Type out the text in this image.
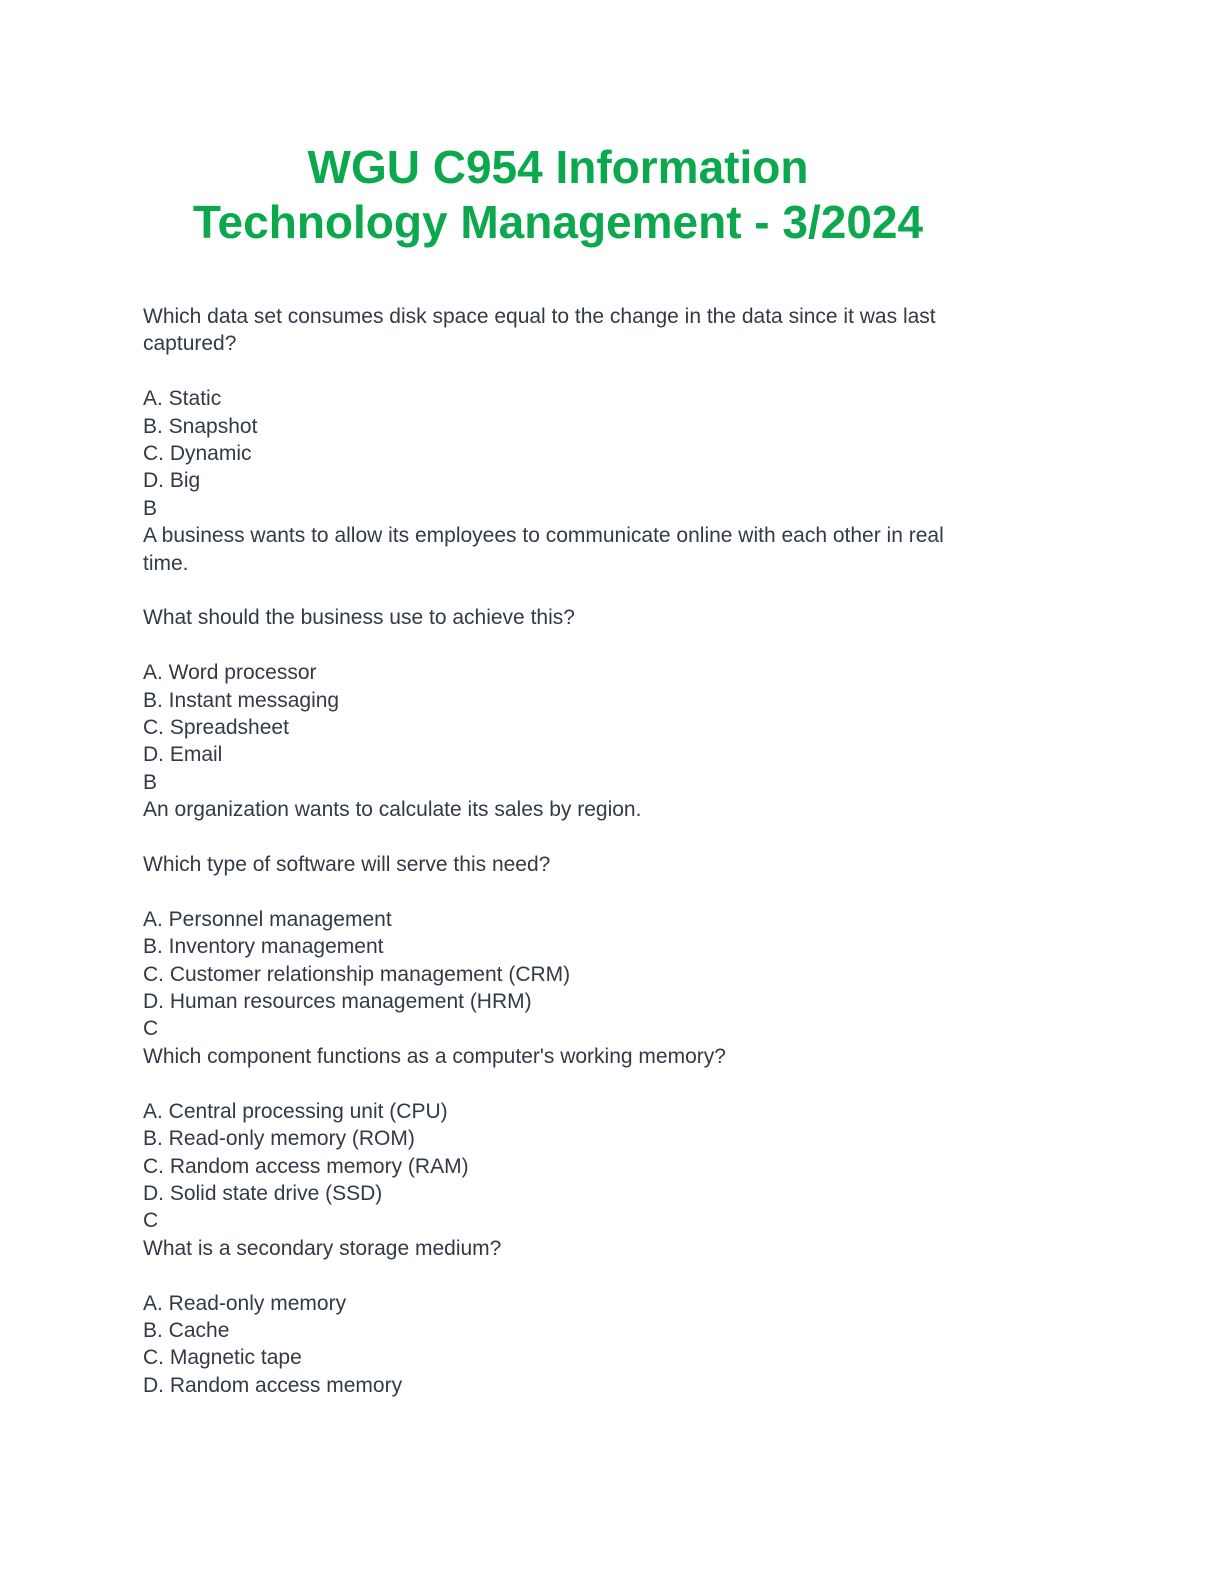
WGU C954 Information
Technology Management - 3/2024
Which data set consumes disk space equal to the change in the data since it was last
captured?
A. Static
B. Snapshot
C. Dynamic
D. Big
B
A business wants to allow its employees to communicate online with each other in real
time.
What should the business use to achieve this?
A. Word processor
B. Instant messaging
C. Spreadsheet
D. Email
B
An organization wants to calculate its sales by region.
Which type of software will serve this need?
A. Personnel management
B. Inventory management
C. Customer relationship management (CRM)
D. Human resources management (HRM)
C
Which component functions as a computer's working memory?
A. Central processing unit (CPU)
B. Read-only memory (ROM)
C. Random access memory (RAM)
D. Solid state drive (SSD)
C
What is a secondary storage medium?
A. Read-only memory
B. Cache
C. Magnetic tape
D. Random access memory
